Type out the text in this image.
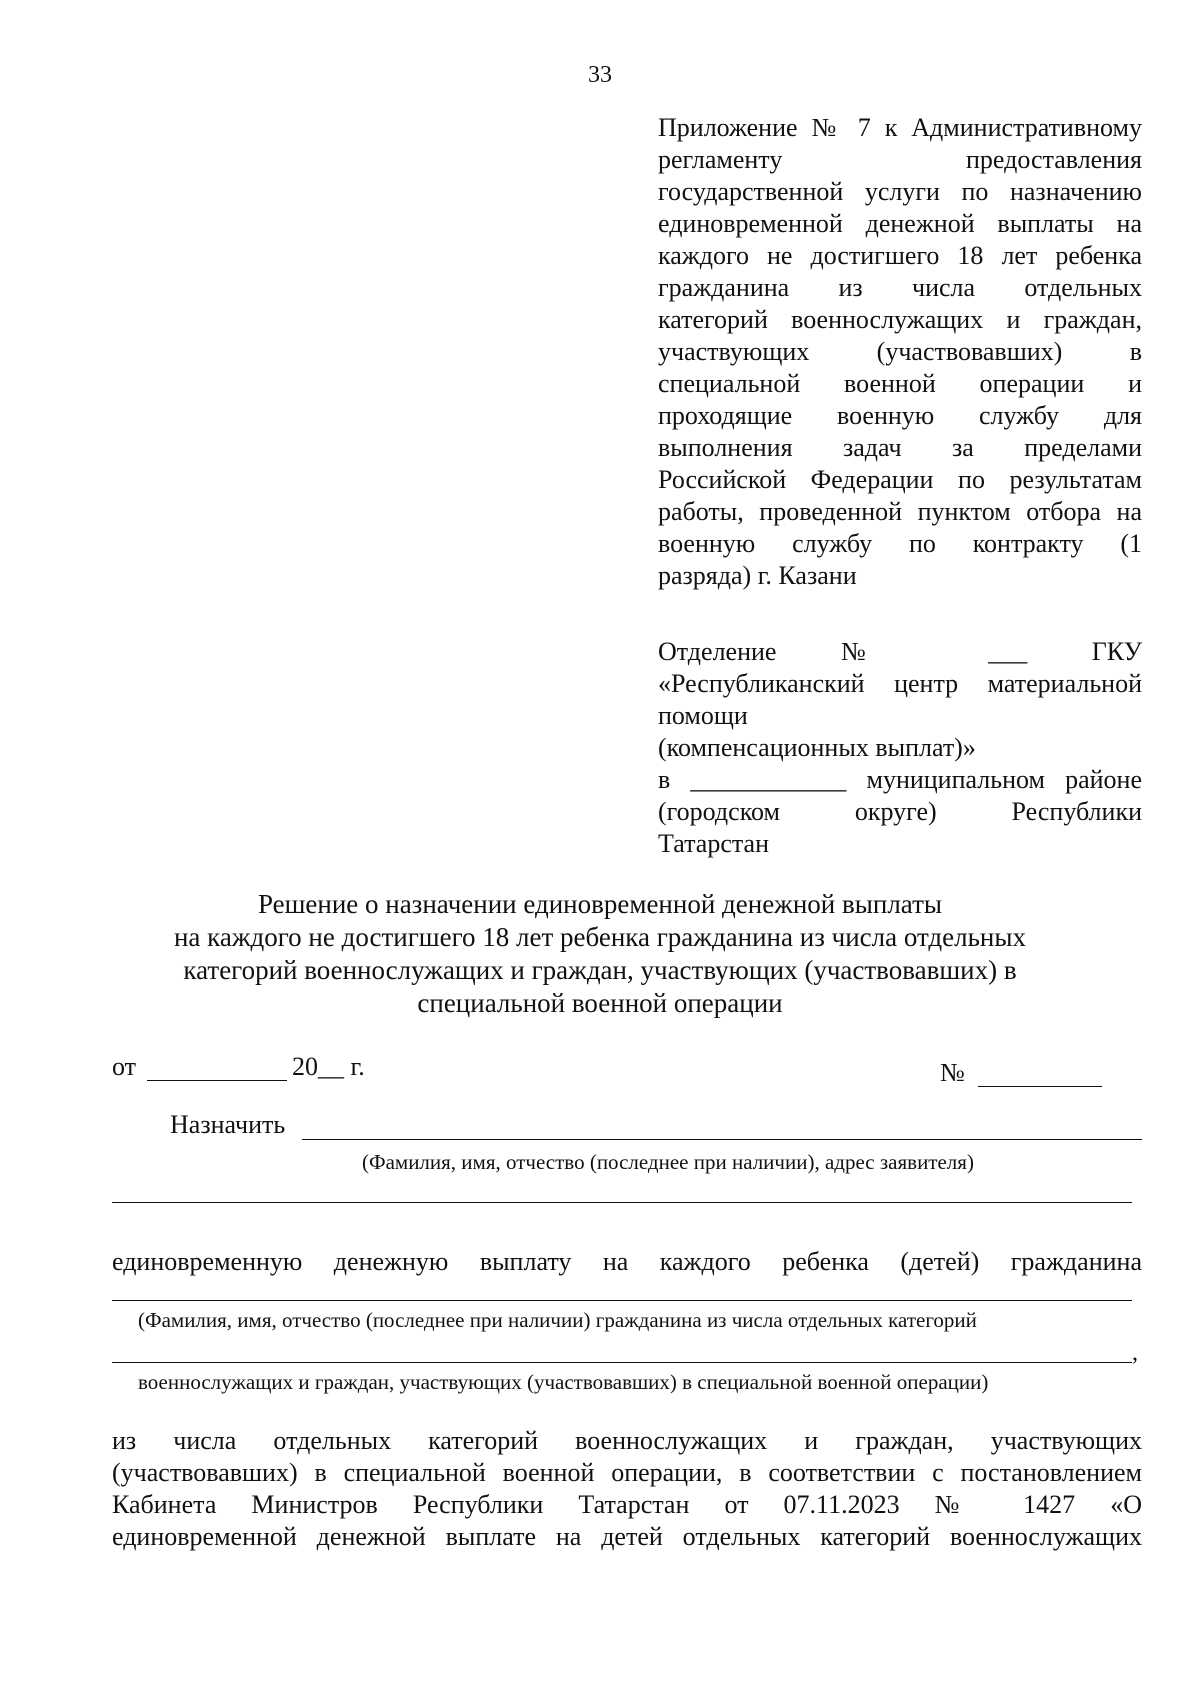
33
Приложение № 7 к Административному
регламенту предоставления
государственной услуги по назначению
единовременной денежной выплаты на
каждого не достигшего 18 лет ребенка
гражданина из числа отдельных
категорий военнослужащих и граждан,
участвующих (участвовавших) в
специальной военной операции и
проходящие военную службу для
выполнения задач за пределами
Российской Федерации по результатам
работы, проведенной пунктом отбора на
военную службу по контракту (1
разряда) г. Казани
Отделение № ___ ГКУ
«Республиканский центр материальной
помощи
(компенсационных выплат)»
в ____________ муниципальном районе
(городском округе) Республики
Татарстан
Решение о назначении единовременной денежной выплаты
на каждого не достигшего 18 лет ребенка гражданина из числа отдельных
категорий военнослужащих и граждан, участвующих (участвовавших) в
специальной военной операции
от	20__ г.	№
Назначить
(Фамилия, имя, отчество (последнее при наличии), адрес заявителя)
единовременную денежную выплату на каждого ребенка (детей) гражданина
(Фамилия, имя, отчество (последнее при наличии) гражданина из числа отдельных категорий
,
военнослужащих и граждан, участвующих (участвовавших) в специальной военной операции)
из числа отдельных категорий военнослужащих и граждан, участвующих
(участвовавших) в специальной военной операции, в соответствии с постановлением
Кабинета Министров Республики Татарстан от 07.11.2023 № 1427 «О
единовременной денежной выплате на детей отдельных категорий военнослужащих
